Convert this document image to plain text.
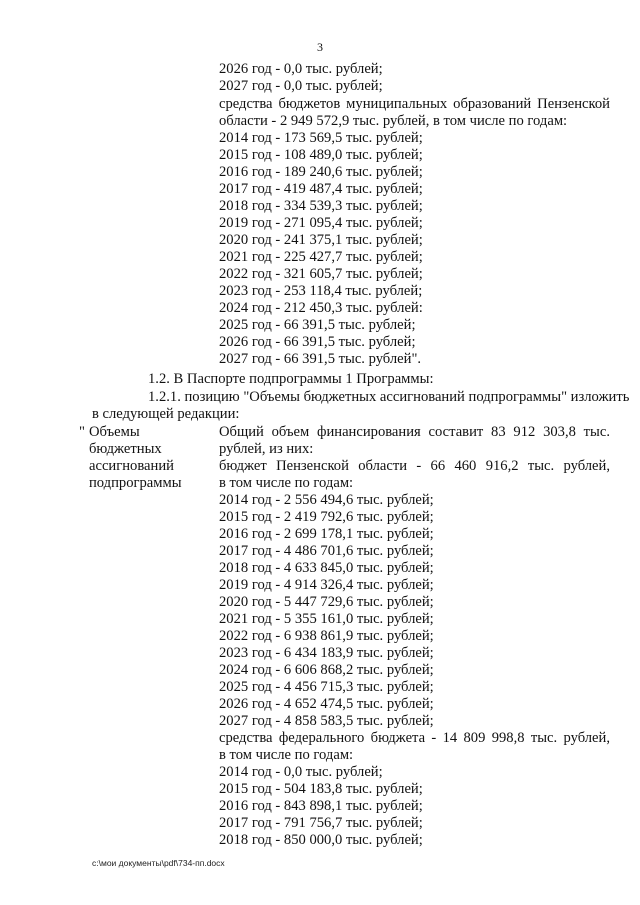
3
2026 год - 0,0 тыс. рублей;
2027 год - 0,0 тыс. рублей;
средства бюджетов муниципальных образований Пензенской
области - 2 949 572,9 тыс. рублей, в том числе по годам:
2014 год - 173 569,5 тыс. рублей;
2015 год - 108 489,0 тыс. рублей;
2016 год - 189 240,6 тыс. рублей;
2017 год - 419 487,4 тыс. рублей;
2018 год - 334 539,3 тыс. рублей;
2019 год - 271 095,4 тыс. рублей;
2020 год - 241 375,1 тыс. рублей;
2021 год - 225 427,7 тыс. рублей;
2022 год - 321 605,7 тыс. рублей;
2023 год - 253 118,4 тыс. рублей;
2024 год - 212 450,3 тыс. рублей:
2025 год - 66 391,5 тыс. рублей;
2026 год - 66 391,5 тыс. рублей;
2027 год - 66 391,5 тыс. рублей".
1.2. В Паспорте подпрограммы 1 Программы:
1.2.1. позицию "Объемы бюджетных ассигнований подпрограммы" изложить
в следующей редакции:
" Объемы
бюджетных
ассигнований
подпрограммы
Общий объем финансирования составит 83 912 303,8 тыс.
рублей, из них:
бюджет Пензенской области - 66 460 916,2 тыс. рублей,
в том числе по годам:
2014 год - 2 556 494,6 тыс. рублей;
2015 год - 2 419 792,6 тыс. рублей;
2016 год - 2 699 178,1 тыс. рублей;
2017 год - 4 486 701,6 тыс. рублей;
2018 год - 4 633 845,0 тыс. рублей;
2019 год - 4 914 326,4 тыс. рублей;
2020 год - 5 447 729,6 тыс. рублей;
2021 год - 5 355 161,0 тыс. рублей;
2022 год - 6 938 861,9 тыс. рублей;
2023 год - 6 434 183,9 тыс. рублей;
2024 год - 6 606 868,2 тыс. рублей;
2025 год - 4 456 715,3 тыс. рублей;
2026 год - 4 652 474,5 тыс. рублей;
2027 год - 4 858 583,5 тыс. рублей;
средства федерального бюджета - 14 809 998,8 тыс. рублей,
в том числе по годам:
2014 год - 0,0 тыс. рублей;
2015 год - 504 183,8 тыс. рублей;
2016 год - 843 898,1 тыс. рублей;
2017 год - 791 756,7 тыс. рублей;
2018 год - 850 000,0 тыс. рублей;
c:\мои документы\pdf\734-пп.docx
